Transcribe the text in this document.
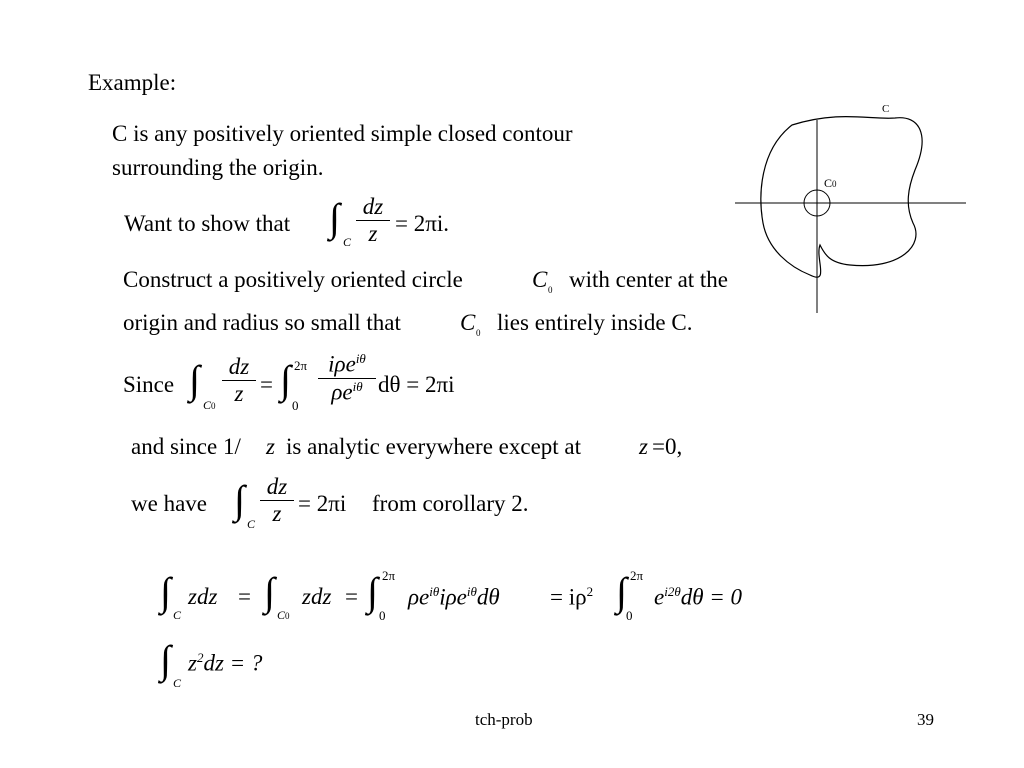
Example:
C is any positively oriented simple closed contour
surrounding the origin.
Want to show that ∫
C
dz
z = 2πi.
Construct a positively oriented circle	C 0 with center at the
origin and radius so small that	C 0 lies entirely inside C.
Since ∫
C0
dz
z = ∫ 2π
0
iρe$^{i\theta}$
$\rho e^{i\theta}$ dθ = 2πi
and since 1/ z is analytic everywhere except at	z =0,
we have ∫
C
dz
z = 2πi from corollary 2.
∫
C
zdz = ∫
C0
zdz = ∫ 2π
0
$\rho e^{i\theta}i\rho e^{i\theta}d\theta = i\rho^2$ ∫ 2π
0
$e^{i2\theta}d\theta = 0$
∫
C
$z^2dz$ = ?
C
C0
tch-prob	39
